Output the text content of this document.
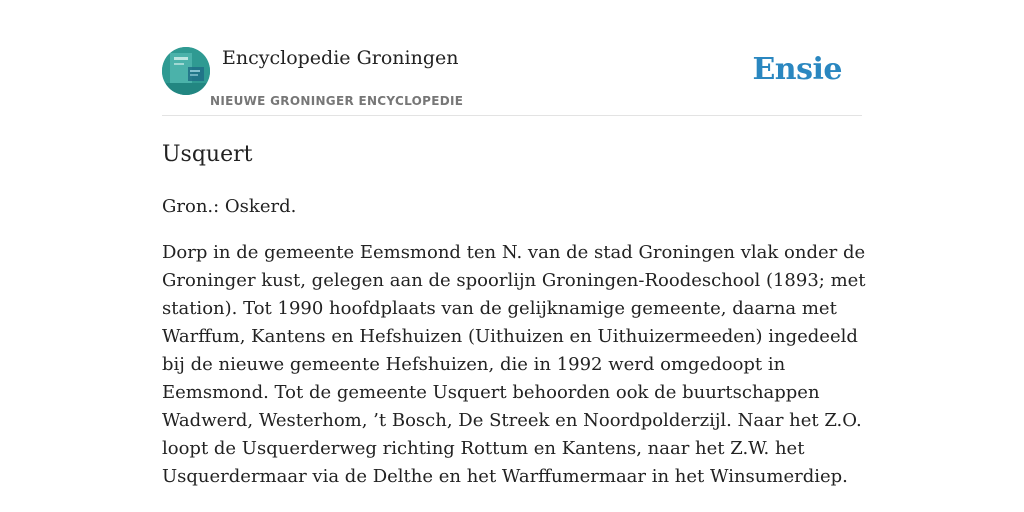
Encyclopedie Groningen
NIEUWE GRONINGER ENCYCLOPEDIE
Ensie
Usquert

Gron.: Oskerd.

Dorp in de gemeente Eemsmond ten N. van de stad Groningen vlak onder de Groninger kust, gelegen aan de spoorlijn Groningen-Roodeschool (1893; met station). Tot 1990 hoofdplaats van de gelijknamige gemeente, daarna met Warffum, Kantens en Hefshuizen (Uithuizen en Uithuizermeeden) ingedeeld bij de nieuwe gemeente Hefshuizen, die in 1992 werd omgedoopt in Eemsmond. Tot de gemeente Usquert behoorden ook de buurtschappen Wadwerd, Westerhom, ’t Bosch, De Streek en Noordpolderzijl. Naar het Z.O. loopt de Usquerderweg richting Rottum en Kantens, naar het Z.W. het Usquerdermaar via de Delthe en het Warffumermaar in het Winsumerdiep.
